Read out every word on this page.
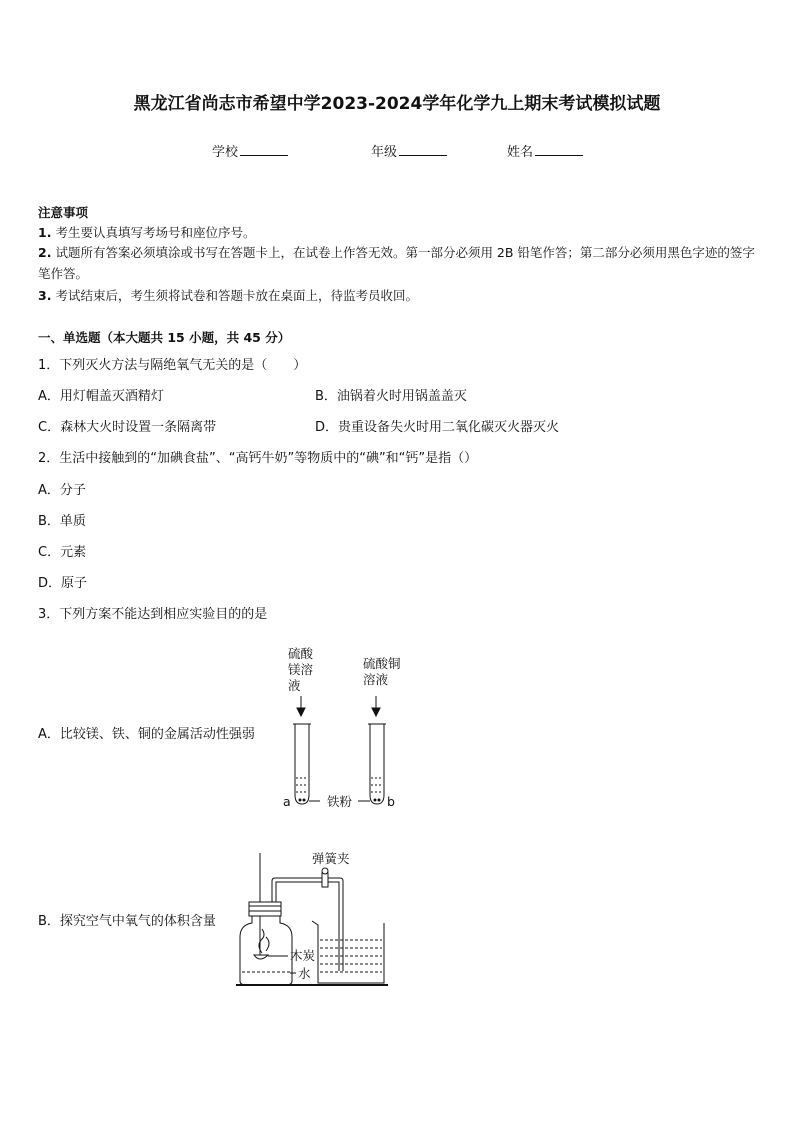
黑龙江省尚志市希望中学2023-2024学年化学九上期末考试模拟试题
学校	年级	姓名
注意事项
1. 考生要认真填写考场号和座位序号。
2. 试题所有答案必须填涂或书写在答题卡上，在试卷上作答无效。第一部分必须用 2B 铅笔作答；第二部分必须用黑色字迹的签字笔作答。
3. 考试结束后，考生须将试卷和答题卡放在桌面上，待监考员收回。
一、单选题（本大题共 15 小题，共 45 分）
1．下列灭火方法与隔绝氧气无关的是（　　）
A．用灯帽盖灭酒精灯	B．油锅着火时用锅盖盖灭
C．森林大火时设置一条隔离带	D．贵重设备失火时用二氧化碳灭火器灭火
2．生活中接触到的“加碘食盐”、“高钙牛奶”等物质中的“碘”和“钙”是指（）
A．分子
B．单质
C．元素
D．原子
3．下列方案不能达到相应实验目的的是
A．比较镁、铁、铜的金属活动性强弱
B．探究空气中氧气的体积含量
硫酸
镁溶
液
硫酸铜
溶液
a	b
铁粉
弹簧夹
木炭
水
